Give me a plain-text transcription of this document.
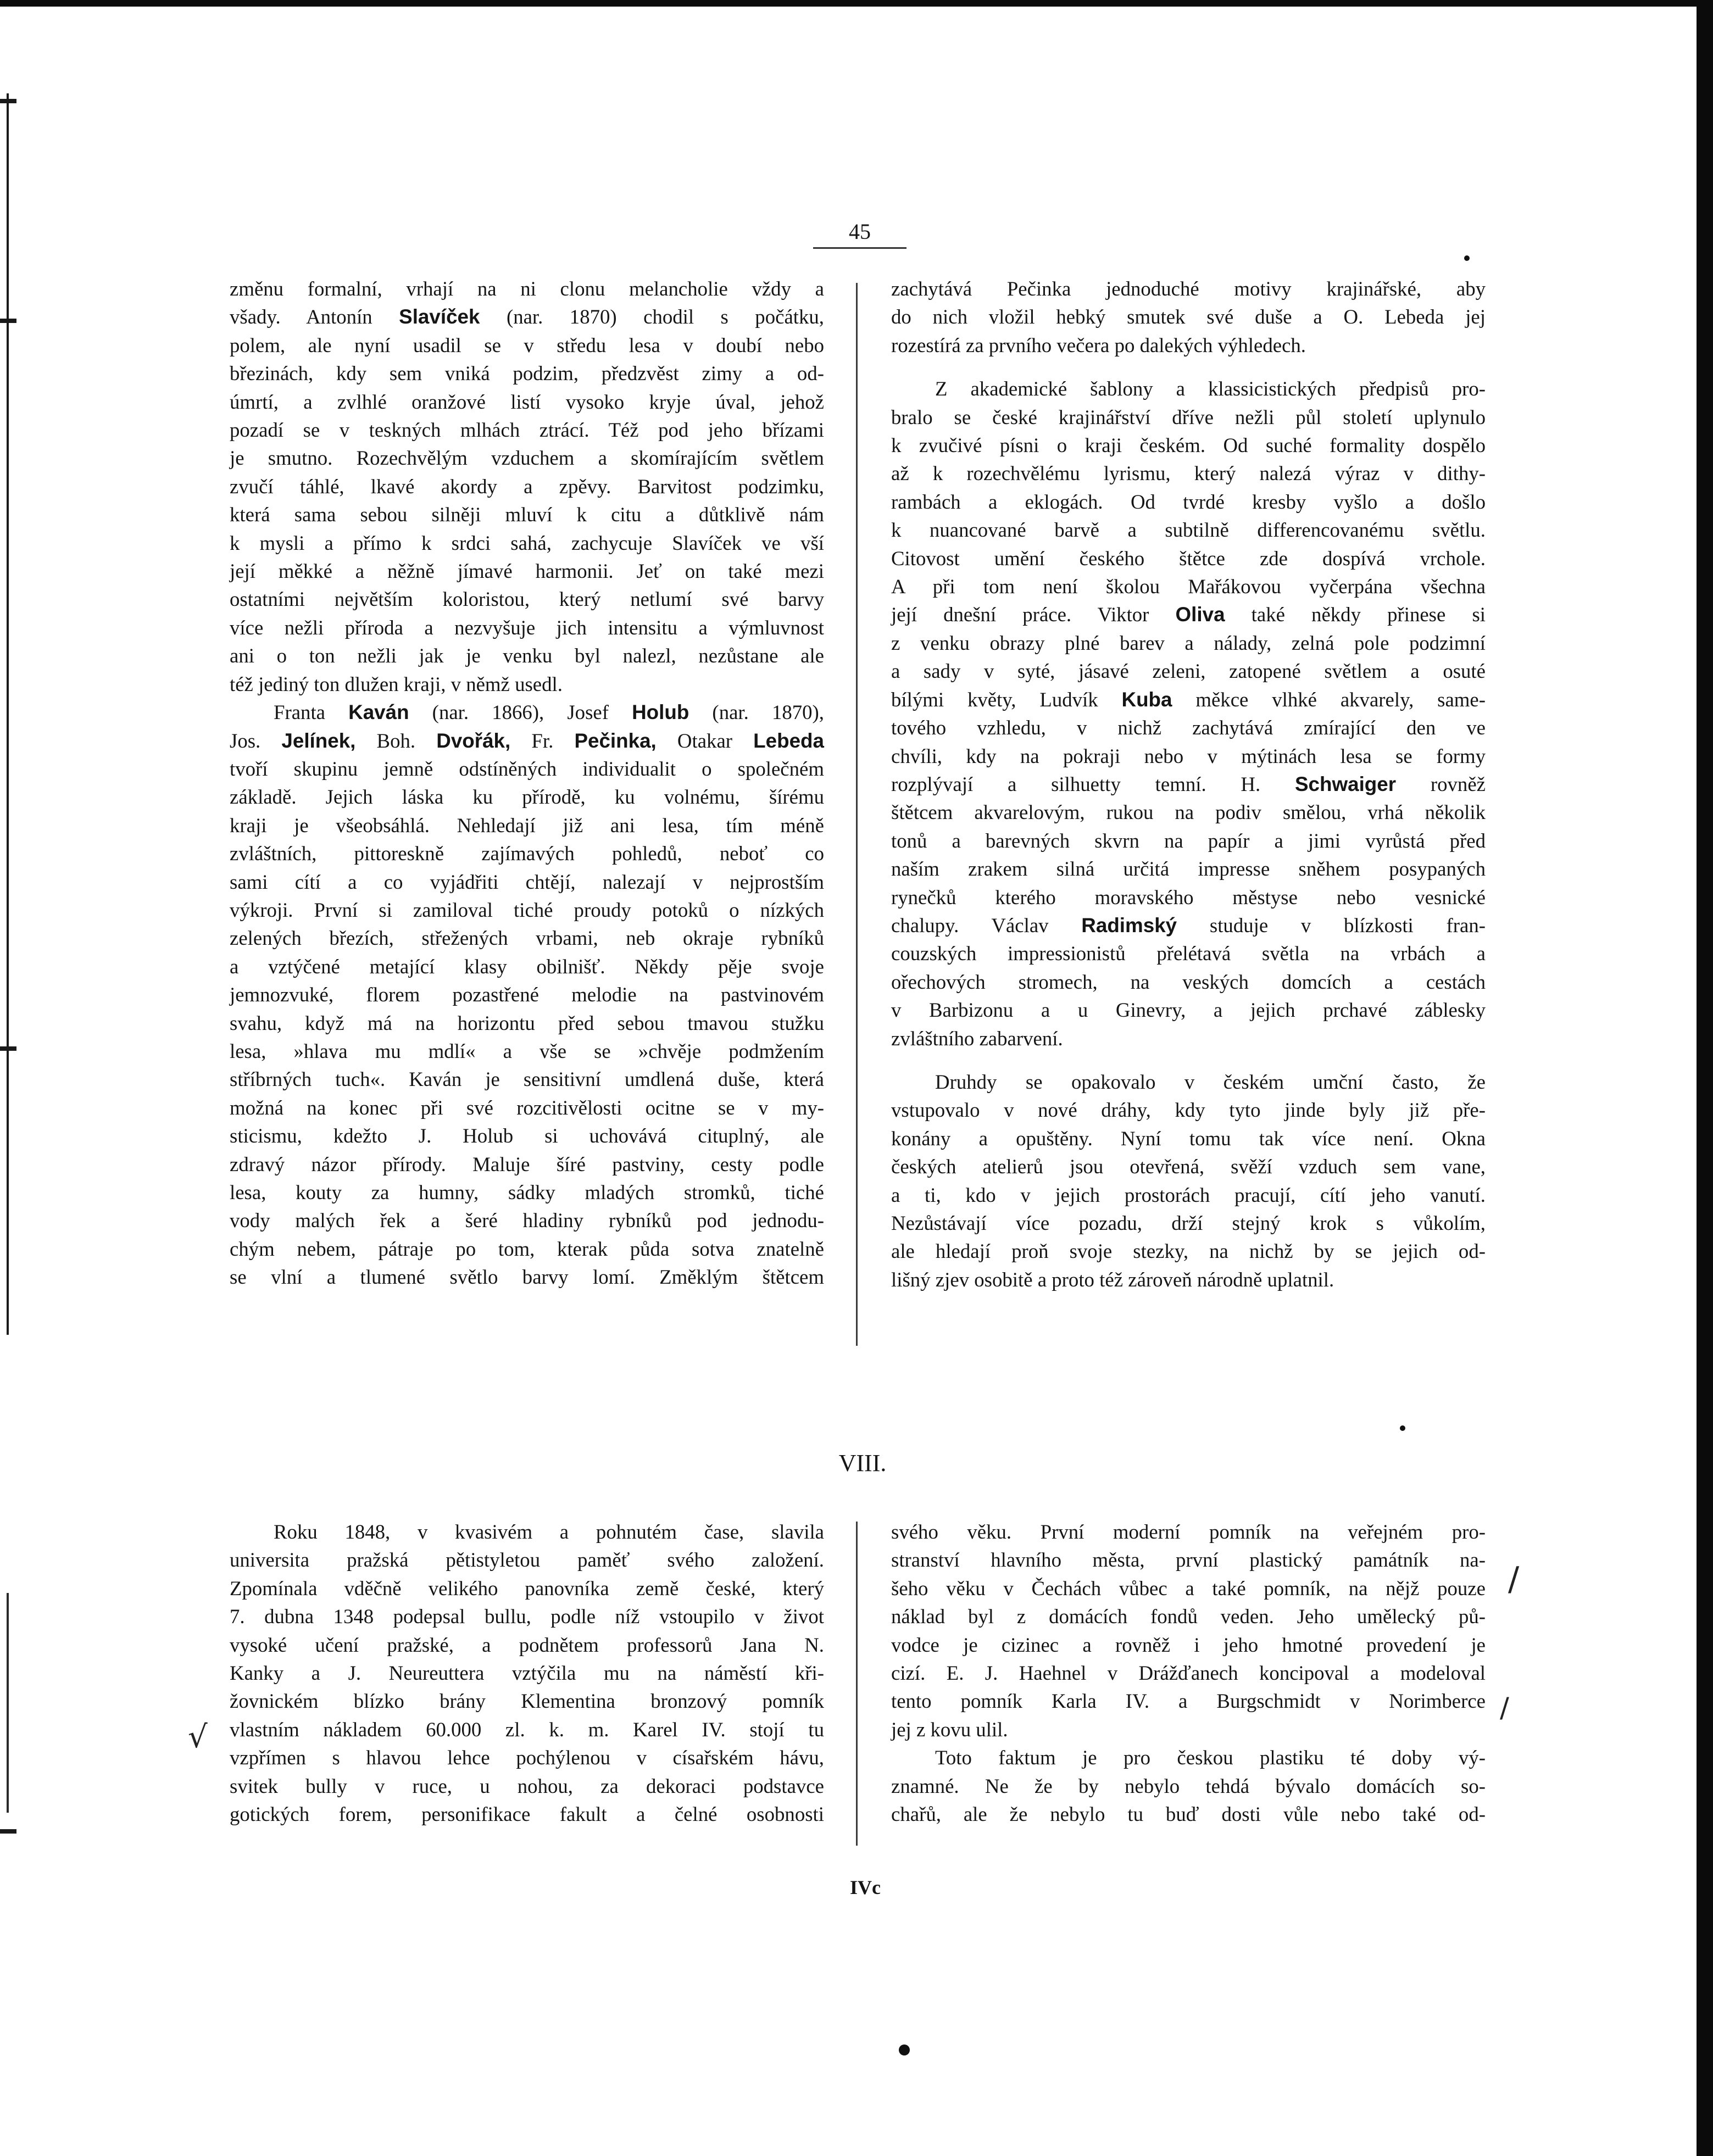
45

změnu formalní, vrhají na ni clonu melancholie vždy a

všady. Antonín Slavíček (nar. 1870) chodil s počátku,

polem, ale nyní usadil se v středu lesa v doubí nebo

březinách, kdy sem vniká podzim, předzvěst zimy a od-

úmrtí, a zvlhlé oranžové listí vysoko kryje úval, jehož

pozadí se v teskných mlhách ztrácí. Též pod jeho břízami

je smutno. Rozechvělým vzduchem a skomírajícím světlem

zvučí táhlé, lkavé akordy a zpěvy. Barvitost podzimku,

která sama sebou silněji mluví k citu a důtklivě nám

k mysli a přímo k srdci sahá, zachycuje Slavíček ve vší

její měkké a něžně jímavé harmonii. Jeť on také mezi

ostatními největším koloristou, který netlumí své barvy

více nežli příroda a nezvyšuje jich intensitu a výmluvnost

ani o ton nežli jak je venku byl nalezl, nezůstane ale

též jediný ton dlužen kraji, v němž usedl.

Franta Kaván (nar. 1866), Josef Holub (nar. 1870),

Jos. Jelínek, Boh. Dvořák, Fr. Pečinka, Otakar Lebeda

tvoří skupinu jemně odstíněných individualit o společném

základě. Jejich láska ku přírodě, ku volnému, šírému

kraji je všeobsáhlá. Nehledají již ani lesa, tím méně

zvláštních, pittoreskně zajímavých pohledů, neboť co

sami cítí a co vyjádřiti chtějí, nalezají v nejprostším

výkroji. První si zamiloval tiché proudy potoků o nízkých

zelených březích, střežených vrbami, neb okraje rybníků

a vztýčené metající klasy obilnišť. Někdy pěje svoje

jemnozvuké, florem pozastřené melodie na pastvinovém

svahu, když má na horizontu před sebou tmavou stužku

lesa, »hlava mu mdlí« a vše se »chvěje podmžením

stříbrných tuch«. Kaván je sensitivní umdlená duše, která

možná na konec při své rozcitivělosti ocitne se v my-

sticismu, kdežto J. Holub si uchovává cituplný, ale

zdravý názor přírody. Maluje šíré pastviny, cesty podle

lesa, kouty za humny, sádky mladých stromků, tiché

vody malých řek a šeré hladiny rybníků pod jednodu-

chým nebem, pátraje po tom, kterak půda sotva znatelně

se vlní a tlumené světlo barvy lomí. Změklým štětcem

zachytává Pečinka jednoduché motivy krajinářské, aby

do nich vložil hebký smutek své duše a O. Lebeda jej

rozestírá za prvního večera po dalekých výhledech.

Z akademické šablony a klassicistických předpisů pro-

bralo se české krajinářství dříve nežli půl století uplynulo

k zvučivé písni o kraji českém. Od suché formality dospělo

až k rozechvělému lyrismu, který nalezá výraz v dithy-

rambách a eklogách. Od tvrdé kresby vyšlo a došlo

k nuancované barvě a subtilně differencovanému světlu.

Citovost umění českého štětce zde dospívá vrchole.

A při tom není školou Mařákovou vyčerpána všechna

její dnešní práce. Viktor Oliva také někdy přinese si

z venku obrazy plné barev a nálady, zelná pole podzimní

a sady v syté, jásavé zeleni, zatopené světlem a osuté

bílými květy, Ludvík Kuba měkce vlhké akvarely, same-

tového vzhledu, v nichž zachytává zmírající den ve

chvíli, kdy na pokraji nebo v mýtinách lesa se formy

rozplývají a silhuetty temní. H. Schwaiger rovněž

štětcem akvarelovým, rukou na podiv smělou, vrhá několik

tonů a barevných skvrn na papír a jimi vyrůstá před

naším zrakem silná určitá impresse sněhem posypaných

rynečků kterého moravského městyse nebo vesnické

chalupy. Václav Radimský studuje v blízkosti fran-

couzských impressionistů přelétavá světla na vrbách a

ořechových stromech, na veských domcích a cestách

v Barbizonu a u Ginevry, a jejich prchavé záblesky

zvláštního zabarvení.

Druhdy se opakovalo v českém umční často, že

vstupovalo v nové dráhy, kdy tyto jinde byly již pře-

konány a opuštěny. Nyní tomu tak více není. Okna

českých atelierů jsou otevřená, svěží vzduch sem vane,

a ti, kdo v jejich prostorách pracují, cítí jeho vanutí.

Nezůstávají více pozadu, drží stejný krok s vůkolím,

ale hledají proň svoje stezky, na nichž by se jejich od-

lišný zjev osobitě a proto též zároveň národně uplatnil.

VIII.

Roku 1848, v kvasivém a pohnutém čase, slavila

universita pražská pětistyletou paměť svého založení.

Zpomínala vděčně velikého panovníka země české, který

7. dubna 1348 podepsal bullu, podle níž vstoupilo v život

vysoké učení pražské, a podnětem professorů Jana N.

Kanky a J. Neureuttera vztýčila mu na náměstí kři-

žovnickém blízko brány Klementina bronzový pomník

vlastním nákladem 60.000 zl. k. m. Karel IV. stojí tu

vzpřímen s hlavou lehce pochýlenou v císařském hávu,

svitek bully v ruce, u nohou, za dekoraci podstavce

gotických forem, personifikace fakult a čelné osobnosti

svého věku. První moderní pomník na veřejném pro-

stranství hlavního města, první plastický památník na-

šeho věku v Čechách vůbec a také pomník, na nějž pouze

náklad byl z domácích fondů veden. Jeho umělecký pů-

vodce je cizinec a rovněž i jeho hmotné provedení je

cizí. E. J. Haehnel v Drážďanech koncipoval a modeloval

tento pomník Karla IV. a Burgschmidt v Norimberce

jej z kovu ulil.

Toto faktum je pro českou plastiku té doby vý-

znamné. Ne že by nebylo tehdá bývalo domácích so-

chařů, ale že nebylo tu buď dosti vůle nebo také od-

IVc
/
/
√
